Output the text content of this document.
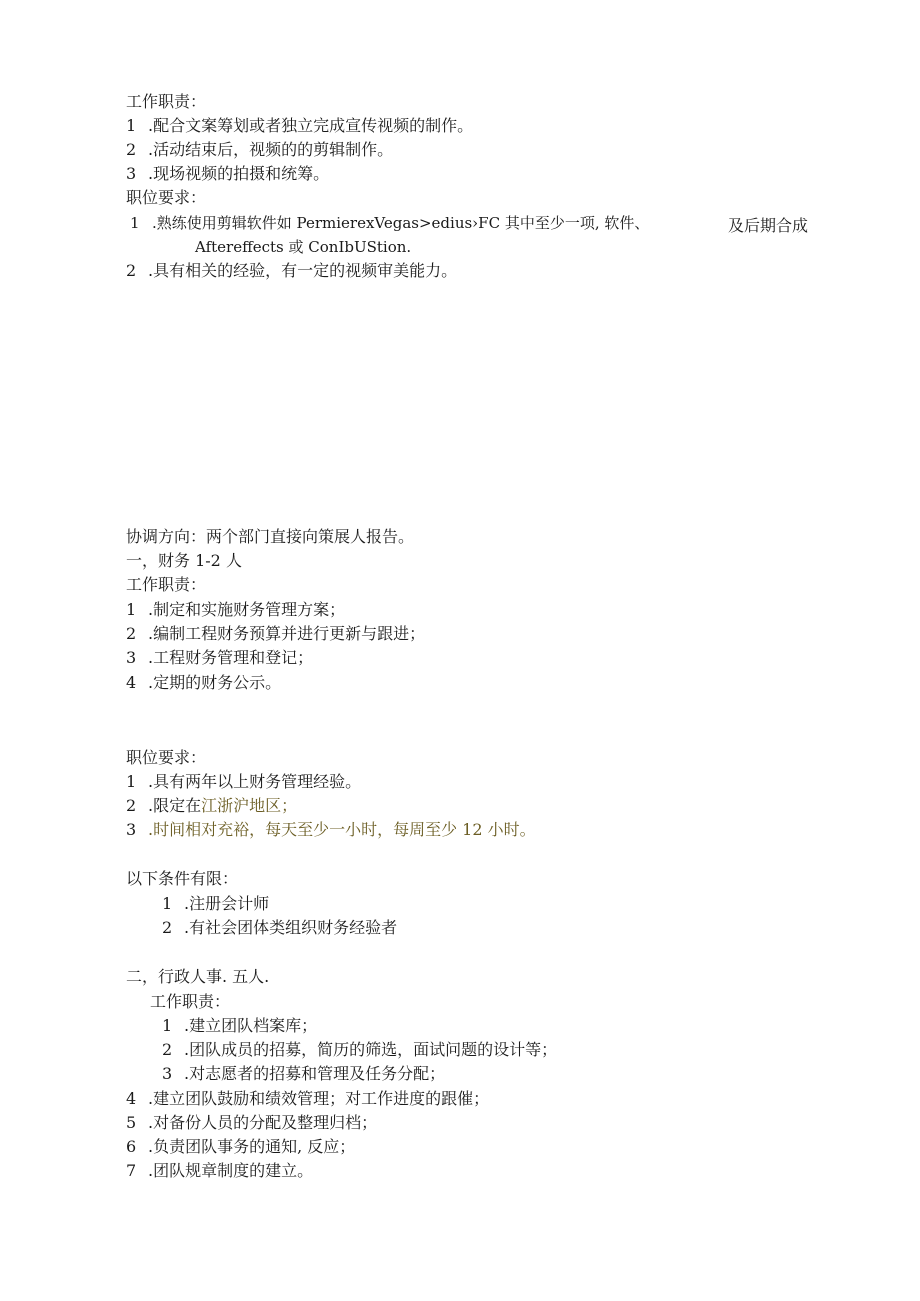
工作职责：
1 .配合文案筹划或者独立完成宣传视频的制作。
2 .活动结束后，视频的的剪辑制作。
3 .现场视频的拍摄和统筹。
职位要求：
1 .熟练使用剪辑软件如 PermierexVegas>edius›FC 其中至少一项, 软件、	及后期合成
Aftereffects 或 ConIbUStion.
2 .具有相关的经验，有一定的视频审美能力。
协调方向：两个部门直接向策展人报告。
一，财务 1-2 人
工作职责：
1 .制定和实施财务管理方案；
2 .编制工程财务预算并进行更新与跟进；
3 .工程财务管理和登记；
4 .定期的财务公示。
职位要求：
1 .具有两年以上财务管理经验。
2 .限定在江浙沪地区；
3 .时间相对充裕，每天至少一小时，每周至少 12 小时。
以下条件有限：
1 .注册会计师
2 .有社会团体类组织财务经验者
二，行政人事. 五人.
工作职责：
1 .建立团队档案库；
2 .团队成员的招募，简历的筛选，面试问题的设计等；
3 .对志愿者的招募和管理及任务分配；
4 .建立团队鼓励和绩效管理；对工作进度的跟催；
5 .对备份人员的分配及整理归档；
6 .负责团队事务的通知, 反应；
7 .团队规章制度的建立。
